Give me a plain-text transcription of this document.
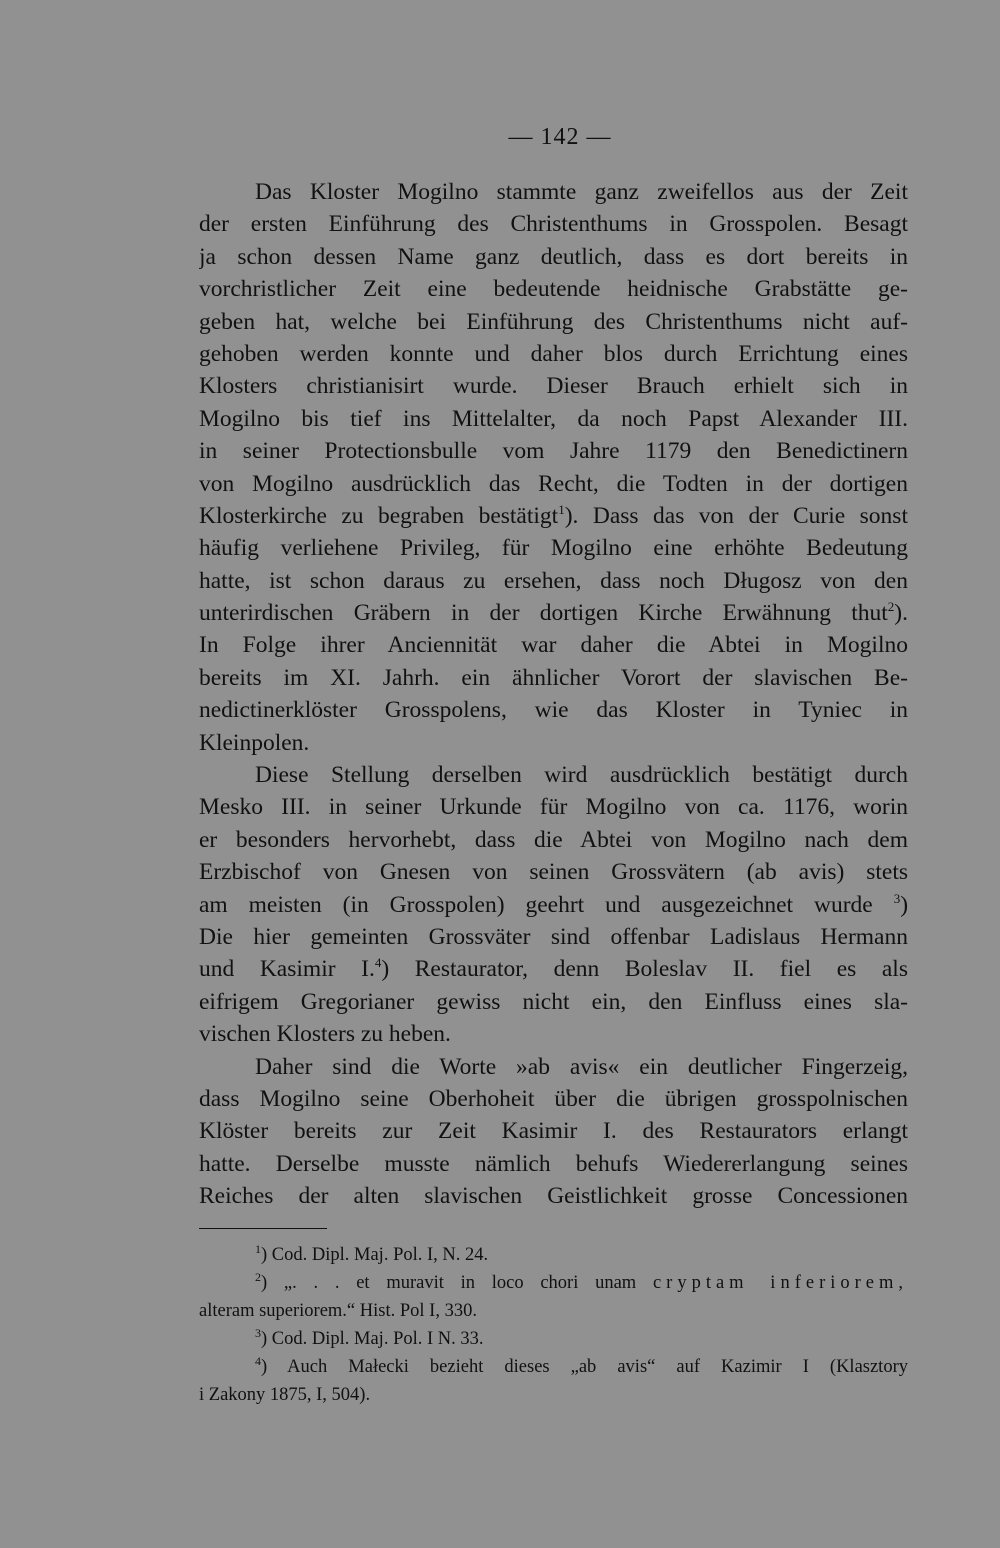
— 142 —
Das Kloster Mogilno stammte ganz zweifellos aus der Zeit
der ersten Einführung des Christenthums in Grosspolen. Besagt
ja schon dessen Name ganz deutlich, dass es dort bereits in
vorchristlicher Zeit eine bedeutende heidnische Grabstätte ge-
geben hat, welche bei Einführung des Christenthums nicht auf-
gehoben werden konnte und daher blos durch Errichtung eines
Klosters christianisirt wurde. Dieser Brauch erhielt sich in
Mogilno bis tief ins Mittelalter, da noch Papst Alexander III.
in seiner Protectionsbulle vom Jahre 1179 den Benedictinern
von Mogilno ausdrücklich das Recht, die Todten in der dortigen
Klosterkirche zu begraben bestätigt$^1$). Dass das von der Curie sonst
häufig verliehene Privileg, für Mogilno eine erhöhte Bedeutung
hatte, ist schon daraus zu ersehen, dass noch Długosz von den
unterirdischen Gräbern in der dortigen Kirche Erwähnung thut$^2$).
In Folge ihrer Anciennität war daher die Abtei in Mogilno
bereits im XI. Jahrh. ein ähnlicher Vorort der slavischen Be-
nedictinerklöster Grosspolens, wie das Kloster in Tyniec in
Kleinpolen.
Diese Stellung derselben wird ausdrücklich bestätigt durch
Mesko III. in seiner Urkunde für Mogilno von ca. 1176, worin
er besonders hervorhebt, dass die Abtei von Mogilno nach dem
Erzbischof von Gnesen von seinen Grossvätern (ab avis) stets
am meisten (in Grosspolen) geehrt und ausgezeichnet wurde $^3$)
Die hier gemeinten Grossväter sind offenbar Ladislaus Hermann
und Kasimir I.$^4$) Restaurator, denn Boleslav II. fiel es als
eifrigem Gregorianer gewiss nicht ein, den Einfluss eines sla-
vischen Klosters zu heben.
Daher sind die Worte »ab avis« ein deutlicher Fingerzeig,
dass Mogilno seine Oberhoheit über die übrigen grosspolnischen
Klöster bereits zur Zeit Kasimir I. des Restaurators erlangt
hatte. Derselbe musste nämlich behufs Wiedererlangung seines
Reiches der alten slavischen Geistlichkeit grosse Concessionen
$^1$) Cod. Dipl. Maj. Pol. I, N. 24.
$^2$) „. . . et muravit in loco chori unam cryptam inferiorem,
alteram superiorem.“ Hist. Pol I, 330.
$^3$) Cod. Dipl. Maj. Pol. I N. 33.
$^4$) Auch Małecki bezieht dieses „ab avis“ auf Kazimir I (Klasztory
i Zakony 1875, I, 504).
